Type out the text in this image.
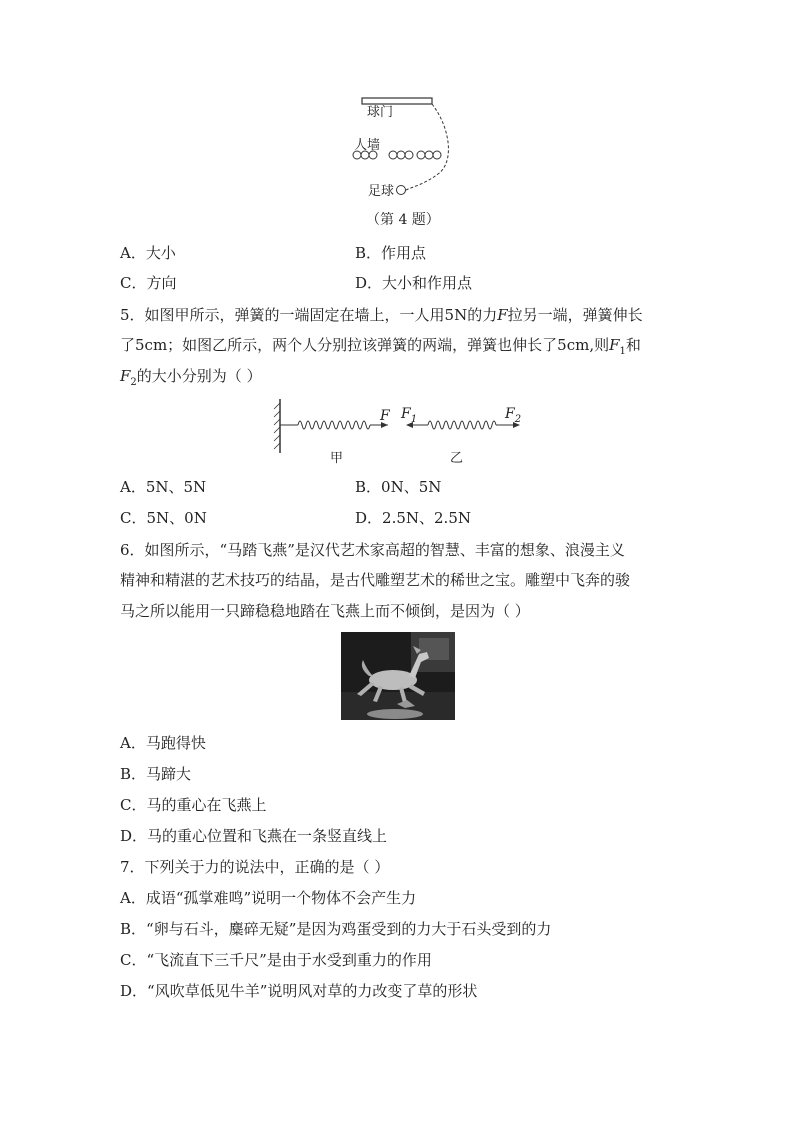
球门
人墙
足球
（第 4 题）
A．大小	B．作用点
C．方向	D．大小和作用点
5．如图甲所示，弹簧的一端固定在墙上，一人用5N的力F拉另一端，弹簧伸长
了5cm；如图乙所示，两个人分别拉该弹簧的两端，弹簧也伸长了5cm,则$F_1$和
$F_2$的大小分别为（ ）
F $F_1$	$F_2$
甲	乙
A．5N、5N	B．0N、5N
C．5N、0N	D．2.5N、2.5N
6．如图所示，“马踏飞燕”是汉代艺术家高超的智慧、丰富的想象、浪漫主义
精神和精湛的艺术技巧的结晶，是古代雕塑艺术的稀世之宝。雕塑中飞奔的骏
马之所以能用一只蹄稳稳地踏在飞燕上而不倾倒，是因为（ ）
A．马跑得快
B．马蹄大
C．马的重心在飞燕上
D．马的重心位置和飞燕在一条竖直线上
7．下列关于力的说法中，正确的是（ ）
A．成语“孤掌难鸣”说明一个物体不会产生力
B．“卵与石斗，麋碎无疑”是因为鸡蛋受到的力大于石头受到的力
C．“飞流直下三千尺”是由于水受到重力的作用
D．“风吹草低见牛羊”说明风对草的力改变了草的形状
